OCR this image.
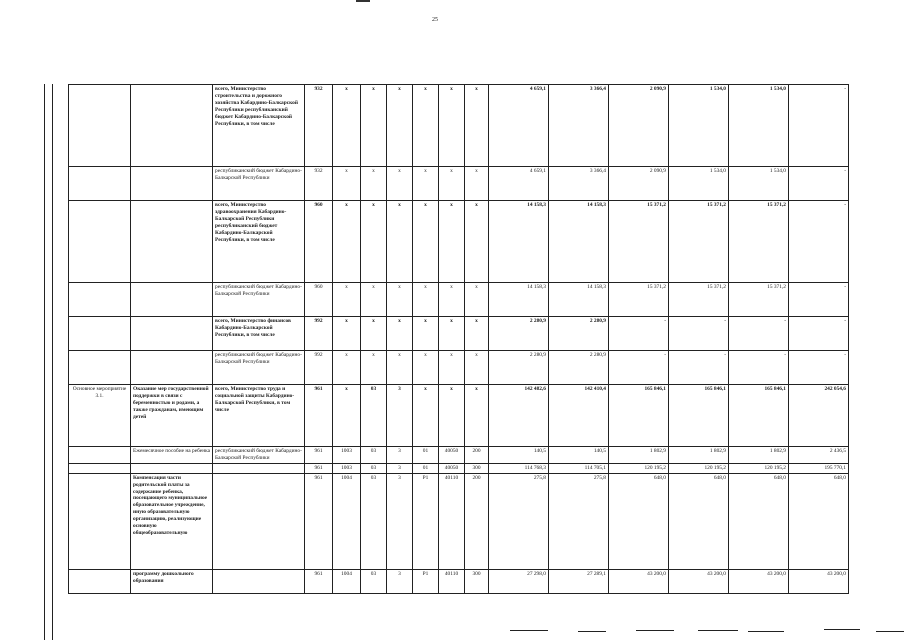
25
		всего, Министерство строительства и дорожного хозяйства Кабардино-Балкарской Республики республиканский бюджет Кабардино-Балкарской Республики, в том числе	932	x	x	x	x	x	x	4 659,1	3 366,4	2 090,9	1 534,0	1 534,0	-
		республиканский бюджет Кабардино-Балкарской Республики	932	x	x	x	x	x	x	4 659,1	3 366,4	2 090,9	1 534,0	1 534,0	-
		всего, Министерство здравоохранения Кабардино-Балкарской Республики республиканский бюджет Кабардино-Балкарской Республики, в том числе	960	x	x	x	x	x	x	14 158,3	14 158,3	15 371,2	15 371,2	15 371,2	-
		республиканский бюджет Кабардино-Балкарской Республики	960	x	x	x	x	x	x	14 158,3	14 158,3	15 371,2	15 371,2	15 371,2	-
		всего, Министерство финансов Кабардино-Балкарской Республики, в том числе	992	x	x	x	x	x	x	2 280,9	2 280,9	-	-	-	-
		республиканский бюджет Кабардино-Балкарской Республики	992	x	x	x	x	x	x	2 280,9	2 280,9	-	-	-	-
Основное мероприятие 3.1.	Оказание мер государственной поддержки в связи с беременностью и родами, а также гражданам, имеющим детей	всего, Министерство труда и социальной защиты Кабардино-Балкарской Республики, в том числе	961	x	03	3	x	x	x	142 482,6	142 410,4	165 846,1	165 846,1	165 846,1	242 054,6
	Ежемесячное пособие на ребенка	республиканский бюджет Кабардино-Балкарской Республики	961	1003	03	3	01	40050	200	140,5	140,5	1 802,9	1 802,9	1 802,9	2 436,5
			961	1003	03	3	01	40050	300	114 768,3	114 705,1	120 195,2	120 195,2	120 195,2	195 770,1
	Компенсация части родительской платы за содержание ребенка, посещающего муниципальное образовательное учреждение, иную образовательную организацию, реализующие основную общеобразовательную		961	1004	03	3	P1	40110	200	275,8	275,8	648,0	648,0	648,0	648,0
	программу дошкольного образования		961	1004	03	3	P1	40110	300	27 298,0	27 289,1	43 200,0	43 200,0	43 200,0	43 200,0
